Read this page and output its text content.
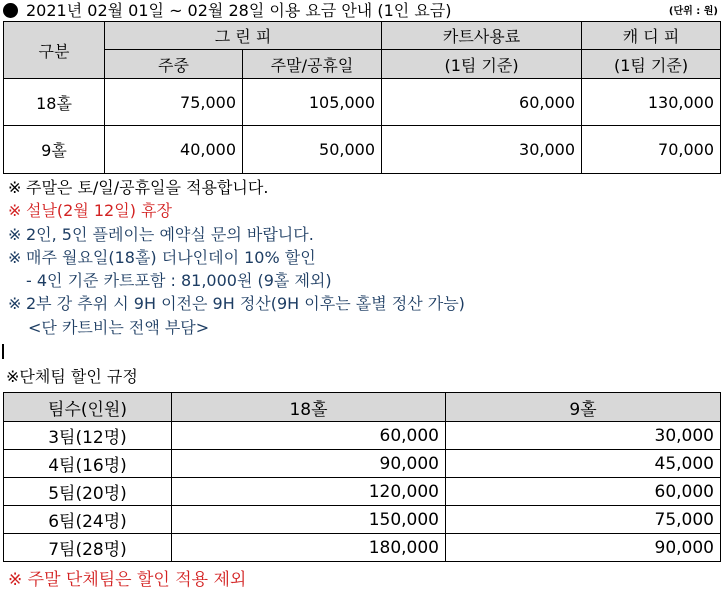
2021년 02월 01일 ~ 02월 28일 이용 요금 안내 (1인 요금)	(단위 : 원)
구분	그 린 피		카트사용료	캐 디 피
	주중	주말/공휴일	(1팀 기준)	(1팀 기준)
18홀	75,000	105,000	60,000	130,000
9홀	40,000	50,000	30,000	70,000
※ 주말은 토/일/공휴일을 적용합니다.
※ 설날(2월 12일) 휴장
※ 2인, 5인 플레이는 예약실 문의 바랍니다.
※ 매주 월요일(18홀) 더나인데이 10% 할인
- 4인 기준 카트포함 : 81,000원 (9홀 제외)
※ 2부 강 추위 시 9H 이전은 9H 정산(9H 이후는 홀별 정산 가능)
<단 카트비는 전액 부담>
※단체팀 할인 규정
팀수(인원)	18홀	9홀
3팀(12명)	60,000	30,000
4팀(16명)	90,000	45,000
5팀(20명)	120,000	60,000
6팀(24명)	150,000	75,000
7팀(28명)	180,000	90,000
※ 주말 단체팀은 할인 적용 제외
